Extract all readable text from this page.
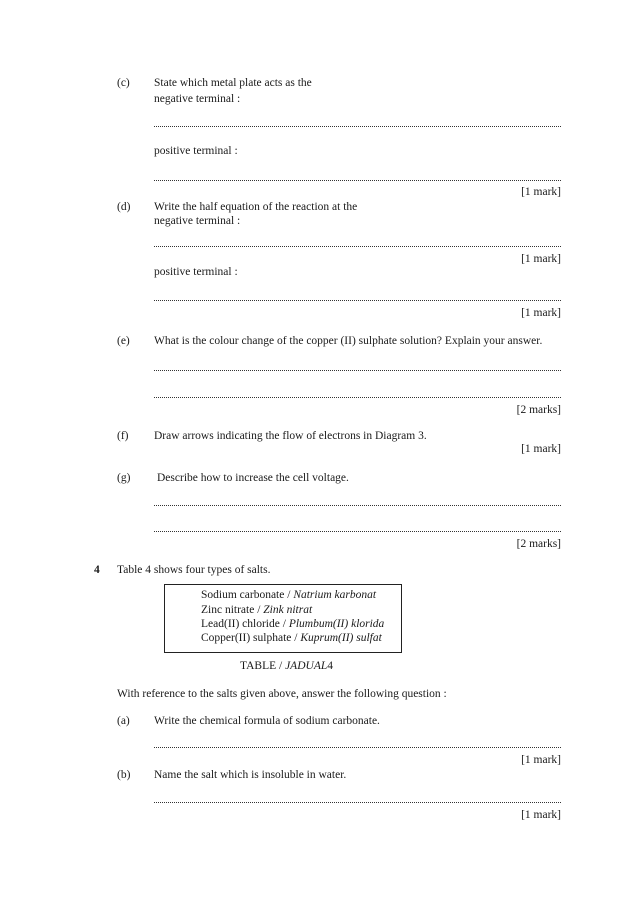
(c) State which metal plate acts as the
negative terminal :
positive terminal :
[1 mark]
(d) Write the half equation of the reaction at the
negative terminal :
[1 mark]
positive terminal :
[1 mark]
(e) What is the colour change of the copper (II) sulphate solution? Explain your answer.
[2 marks]
(f) Draw arrows indicating the flow of electrons in Diagram 3.
[1 mark]
(g) Describe how to increase the cell voltage.
[2 marks]
4 Table 4 shows four types of salts.
Sodium carbonate / Natrium karbonat
Zinc nitrate / Zink nitrat
Lead(II) chloride / Plumbum(II) klorida
Copper(II) sulphate / Kuprum(II) sulfat
TABLE / JADUAL4
With reference to the salts given above, answer the following question :
(a) Write the chemical formula of sodium carbonate.
[1 mark]
(b) Name the salt which is insoluble in water.
[1 mark]
